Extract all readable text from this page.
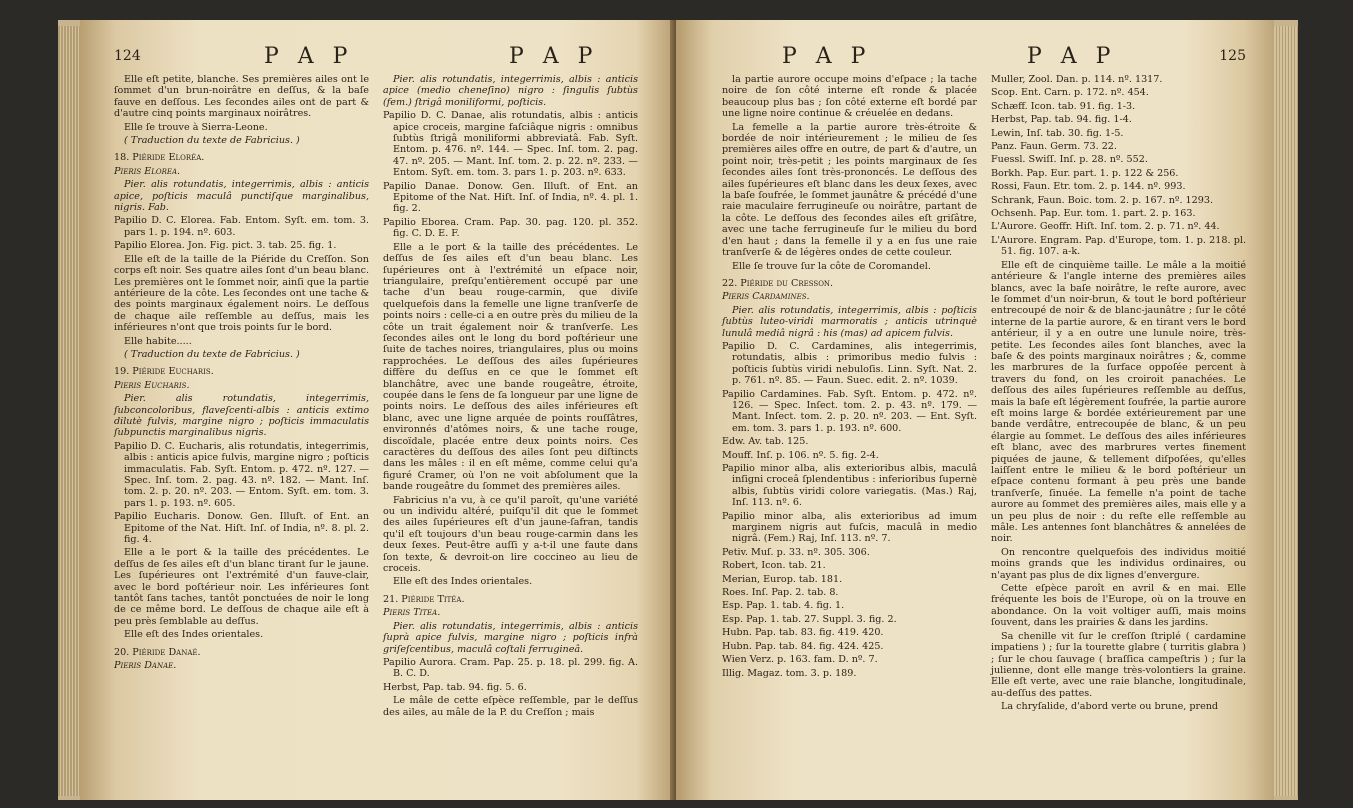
124	P A P	P A P

Elle eſt petite, blanche. Ses premières ailes ont le ſommet d'un brun-noirâtre en deſſus, & la baſe fauve en deſſous. Les ſecondes ailes ont de part & d'autre cinq points marginaux noirâtres.

Elle ſe trouve à Sierra-Leone.

( Traduction du texte de Fabricius. )

18. Piéride Eloréa.

Pieris Elorea.

Pier. alis rotundatis, integerrimis, albis : anticis apice, poſticis maculâ punctiſque marginalibus, nigris. Fab.

Papilio D. C. Elorea. Fab. Entom. Syſt. em. tom. 3. pars 1. p. 194. nº. 603.

Papilio Elorea. Jon. Fig. pict. 3. tab. 25. fig. 1.

Elle eſt de la taille de la Piéride du Creſſon. Son corps eſt noir. Ses quatre ailes ſont d'un beau blanc. Les premières ont le ſommet noir, ainſi que la partie antérieure de la côte. Les ſecondes ont une tache & des points marginaux également noirs. Le deſſous de chaque aile reſſemble au deſſus, mais les inférieures n'ont que trois points ſur le bord.

Elle habite.....

( Traduction du texte de Fabricius. )

19. Piéride Eucharis.

Pieris Eucharis.

Pier. alis rotundatis, integerrimis, ſubconcoloribus, flaveſcenti-albis : anticis extimo dilutè fulvis, margine nigro ; poſticis immaculatis ſubpunctis marginalibus nigris.

Papilio D. C. Eucharis, alis rotundatis, integerrimis, albis : anticis apice fulvis, margine nigro ; poſticis immaculatis. Fab. Syſt. Entom. p. 472. nº. 127. — Spec. Inſ. tom. 2. pag. 43. nº. 182. — Mant. Inſ. tom. 2. p. 20. nº. 203. — Entom. Syſt. em. tom. 3. pars 1. p. 193. nº. 605.

Papilio Eucharis. Donow. Gen. Illuſt. of Ent. an Epitome of the Nat. Hiſt. Inſ. of India, nº. 8. pl. 2. fig. 4.

Elle a le port & la taille des précédentes. Le deſſus de ſes ailes eſt d'un blanc tirant ſur le jaune. Les ſupérieures ont l'extrémité d'un fauve-clair, avec le bord poſtérieur noir. Les inférieures ſont tantôt ſans taches, tantôt ponctuées de noir le long de ce même bord. Le deſſous de chaque aile eſt à peu près ſemblable au deſſus.

Elle eſt des Indes orientales.

20. Piéride Danaé.

Pieris Danae.

Pier. alis rotundatis, integerrimis, albis : anticis apice (medio cheneſino) nigro : ſingulis ſubtùs (fem.) ſtrigâ moniliformi, poſticis.

Papilio D. C. Danae, alis rotundatis, albis : anticis apice croceis, margine faſciâque nigris : omnibus ſubtùs ſtrigâ moniliformi abbreviatâ. Fab. Syſt. Entom. p. 476. nº. 144. — Spec. Inſ. tom. 2. pag. 47. nº. 205. — Mant. Inſ. tom. 2. p. 22. nº. 233. — Entom. Syſt. em. tom. 3. pars 1. p. 203. nº. 633.

Papilio Danae. Donow. Gen. Illuſt. of Ent. an Epitome of the Nat. Hiſt. Inſ. of India, nº. 4. pl. 1. fig. 2.

Papilio Eborea. Cram. Pap. 30. pag. 120. pl. 352. fig. C. D. E. F.

Elle a le port & la taille des précédentes. Le deſſus de ſes ailes eſt d'un beau blanc. Les ſupérieures ont à l'extrémité un eſpace noir, triangulaire, preſqu'entièrement occupé par une tache d'un beau rouge-carmin, que diviſe quelquefois dans la femelle une ligne tranſverſe de points noirs : celle-ci a en outre près du milieu de la côte un trait également noir & tranſverſe. Les ſecondes ailes ont le long du bord poſtérieur une ſuite de taches noires, triangulaires, plus ou moins rapprochées. Le deſſous des ailes ſupérieures diffère du deſſus en ce que le ſommet eſt blanchâtre, avec une bande rougeâtre, étroite, coupée dans le ſens de ſa longueur par une ligne de points noirs. Le deſſous des ailes inférieures eſt blanc, avec une ligne arquée de points rouſſâtres, environnés d'atômes noirs, & une tache rouge, discoïdale, placée entre deux points noirs. Ces caractères du deſſous des ailes ſont peu diſtincts dans les mâles : il en eſt même, comme celui qu'a figuré Cramer, où l'on ne voit abſolument que la bande rougeâtre du ſommet des premières ailes.

Fabricius n'a vu, à ce qu'il paroît, qu'une variété ou un individu altéré, puiſqu'il dit que le ſommet des ailes ſupérieures eſt d'un jaune-ſafran, tandis qu'il eſt toujours d'un beau rouge-carmin dans les deux ſexes. Peut-être auſſi y a-t-il une faute dans ſon texte, & devroit-on lire coccineo au lieu de croceis.

Elle eſt des Indes orientales.

21. Piéride Titéa.

Pieris Titea.

Pier. alis rotundatis, integerrimis, albis : anticis ſuprà apice fulvis, margine nigro ; poſticis infrà griſeſcentibus, maculâ coſtali ferrugineâ.

Papilio Aurora. Cram. Pap. 25. p. 18. pl. 299. fig. A. B. C. D.

Herbst, Pap. tab. 94. fig. 5. 6.

Le mâle de cette eſpèce reſſemble, par le deſſus des ailes, au mâle de la P. du Creſſon ; mais

P A P	P A P	125

la partie aurore occupe moins d'eſpace ; la tache noire de ſon côté interne eſt ronde & placée beaucoup plus bas ; ſon côté externe eſt bordé par une ligne noire continue & créuelée en dedans.

La femelle a la partie aurore très-étroite & bordée de noir intérieurement ; le milieu de ſes premières ailes offre en outre, de part & d'autre, un point noir, très-petit ; les points marginaux de ſes ſecondes ailes ſont très-prononcés. Le deſſous des ailes ſupérieures eſt blanc dans les deux ſexes, avec la baſe ſoufrée, le ſommet jaunâtre & précédé d'une raie maculaire ferrugineuſe ou noirâtre, partant de la côte. Le deſſous des ſecondes ailes eſt griſâtre, avec une tache ferrugineuſe ſur le milieu du bord d'en haut ; dans la femelle il y a en ſus une raie tranſverſe & de légères ondes de cette couleur.

Elle ſe trouve ſur la côte de Coromandel.

22. Piéride du Creſſon.

Pieris Cardamines.

Pier. alis rotundatis, integerrimis, albis : poſticis ſubtùs luteo-viridi marmoratis ; anticis utrinquè lunulâ mediâ nigrâ : his (mas) ad apicem fulvis.

Papilio D. C. Cardamines, alis integerrimis, rotundatis, albis : primoribus medio fulvis : poſticis ſubtùs viridi nebuloſis. Linn. Syſt. Nat. 2. p. 761. nº. 85. — Faun. Suec. edit. 2. nº. 1039.

Papilio Cardamines. Fab. Syſt. Entom. p. 472. nº. 126. — Spec. Inſect. tom. 2. p. 43. nº. 179. — Mant. Inſect. tom. 2. p. 20. nº. 203. — Ent. Syſt. em. tom. 3. pars 1. p. 193. nº. 600.

Edw. Av. tab. 125.

Mouff. Inſ. p. 106. nº. 5. fig. 2-4.

Papilio minor alba, alis exterioribus albis, maculâ inſigni croceâ ſplendentibus : inferioribus ſupernè albis, ſubtùs viridi colore variegatis. (Mas.) Raj, Inſ. 113. nº. 6.

Papilio minor alba, alis exterioribus ad imum marginem nigris aut fuſcis, maculâ in medio nigrâ. (Fem.) Raj, Inſ. 113. nº. 7.

Petiv. Muſ. p. 33. nº. 305. 306.

Robert, Icon. tab. 21.

Merian, Europ. tab. 181.

Roes. Inſ. Pap. 2. tab. 8.

Esp. Pap. 1. tab. 4. fig. 1.

Esp. Pap. 1. tab. 27. Suppl. 3. fig. 2.

Hubn. Pap. tab. 83. fig. 419. 420.

Hubn. Pap. tab. 84. fig. 424. 425.

Wien Verz. p. 163. fam. D. nº. 7.

Illig. Magaz. tom. 3. p. 189.

Muller, Zool. Dan. p. 114. nº. 1317.

Scop. Ent. Carn. p. 172. nº. 454.

Schæff. Icon. tab. 91. fig. 1-3.

Herbst, Pap. tab. 94. fig. 1-4.

Lewin, Inſ. tab. 30. fig. 1-5.

Panz. Faun. Germ. 73. 22.

Fuessl. Swiſſ. Inſ. p. 28. nº. 552.

Borkh. Pap. Eur. part. 1. p. 122 & 256.

Rossi, Faun. Etr. tom. 2. p. 144. nº. 993.

Schrank, Faun. Boic. tom. 2. p. 167. nº. 1293.

Ochsenh. Pap. Eur. tom. 1. part. 2. p. 163.

L'Aurore. Geoffr. Hiſt. Inſ. tom. 2. p. 71. nº. 44.

L'Aurore. Engram. Pap. d'Europe, tom. 1. p. 218. pl. 51. fig. 107. a-k.

Elle eſt de cinquième taille. Le mâle a la moitié antérieure & l'angle interne des premières ailes blancs, avec la baſe noirâtre, le reſte aurore, avec le ſommet d'un noir-brun, & tout le bord poſtérieur entrecoupé de noir & de blanc-jaunâtre ; ſur le côté interne de la partie aurore, & en tirant vers le bord antérieur, il y a en outre une lunule noire, très-petite. Les ſecondes ailes ſont blanches, avec la baſe & des points marginaux noirâtres ; &, comme les marbrures de la ſurface oppoſée percent à travers du fond, on les croiroit panachées. Le deſſous des ailes ſupérieures reſſemble au deſſus, mais la baſe eſt légèrement ſoufrée, la partie aurore eſt moins large & bordée extérieurement par une bande verdâtre, entrecoupée de blanc, & un peu élargie au ſommet. Le deſſous des ailes inférieures eſt blanc, avec des marbrures vertes finement piquées de jaune, & tellement diſpoſées, qu'elles laiſſent entre le milieu & le bord poſtérieur un eſpace contenu formant à peu près une bande tranſverſe, ſinuée. La femelle n'a point de tache aurore au ſommet des premières ailes, mais elle y a un peu plus de noir : du reſte elle reſſemble au mâle. Les antennes ſont blanchâtres & annelées de noir.

On rencontre quelquefois des individus moitié moins grands que les individus ordinaires, ou n'ayant pas plus de dix lignes d'envergure.

Cette eſpèce paroît en avril & en mai. Elle fréquente les bois de l'Europe, où on la trouve en abondance. On la voit voltiger auſſi, mais moins ſouvent, dans les prairies & dans les jardins.

Sa chenille vit ſur le creſſon ſtriplé ( cardamine impatiens ) ; ſur la tourette glabre ( turritis glabra ) ; ſur le chou ſauvage ( braſſica campeſtris ) ; ſur la julienne, dont elle mange très-volontiers la graine. Elle eſt verte, avec une raie blanche, longitudinale, au-deſſus des pattes.

La chryſalide, d'abord verte ou brune, prend
